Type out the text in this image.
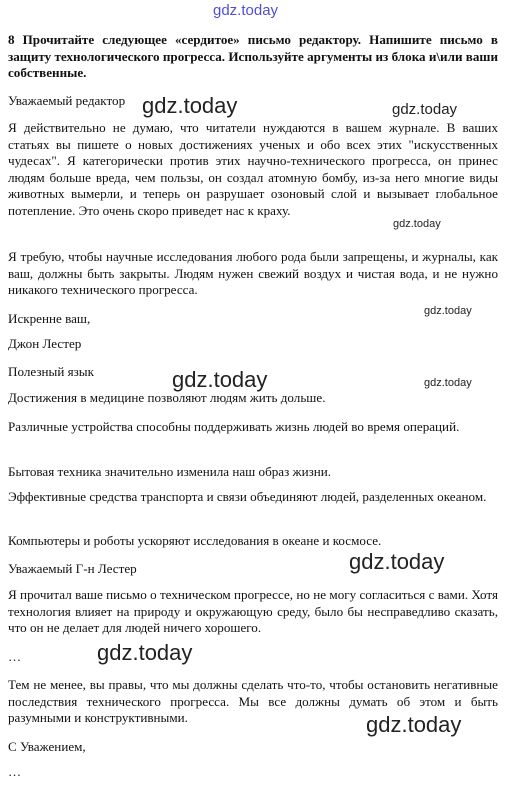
8 Прочитайте следующее «сердитое» письмо редактору. Напишите письмо в защиту технологического прогресса. Используйте аргументы из блока и\или ваши собственные.

Уважаемый редактор

Я действительно не думаю, что читатели нуждаются в вашем журнале. В ваших статьях вы пишете о новых достижениях ученых и обо всех этих "искусственных чудесах". Я категорически против этих научно-технического прогресса, он принес людям больше вреда, чем пользы, он создал атомную бомбу, из-за него многие виды животных вымерли, и теперь он разрушает озоновый слой и вызывает глобальное потепление. Это очень скоро приведет нас к краху.

Я требую, чтобы научные исследования любого рода были запрещены, и журналы, как ваш, должны быть закрыты. Людям нужен свежий воздух и чистая вода, и не нужно никакого технического прогресса.

Искренне ваш,

Джон Лестер

Полезный язык

Достижения в медицине позволяют людям жить дольше.

Различные устройства способны поддерживать жизнь людей во время операций.

Бытовая техника значительно изменила наш образ жизни.

Эффективные средства транспорта и связи объединяют людей, разделенных океаном.

Компьютеры и роботы ускоряют исследования в океане и космосе.

Уважаемый Г-н Лестер

Я прочитал ваше письмо о техническом прогрессе, но не могу согласиться с вами. Хотя технология влияет на природу и окружающую среду, было бы несправедливо сказать, что он не делает для людей ничего хорошего.

…

Тем не менее, вы правы, что мы должны сделать что-то, чтобы остановить негативные последствия технического прогресса. Мы все должны думать об этом и быть разумными и конструктивными.

С Уважением,

…

gdz.today
gdz.today	gdz.today
gdz.today
gdz.today
gdz.today	gdz.today
gdz.today
gdz.today
gdz.today
